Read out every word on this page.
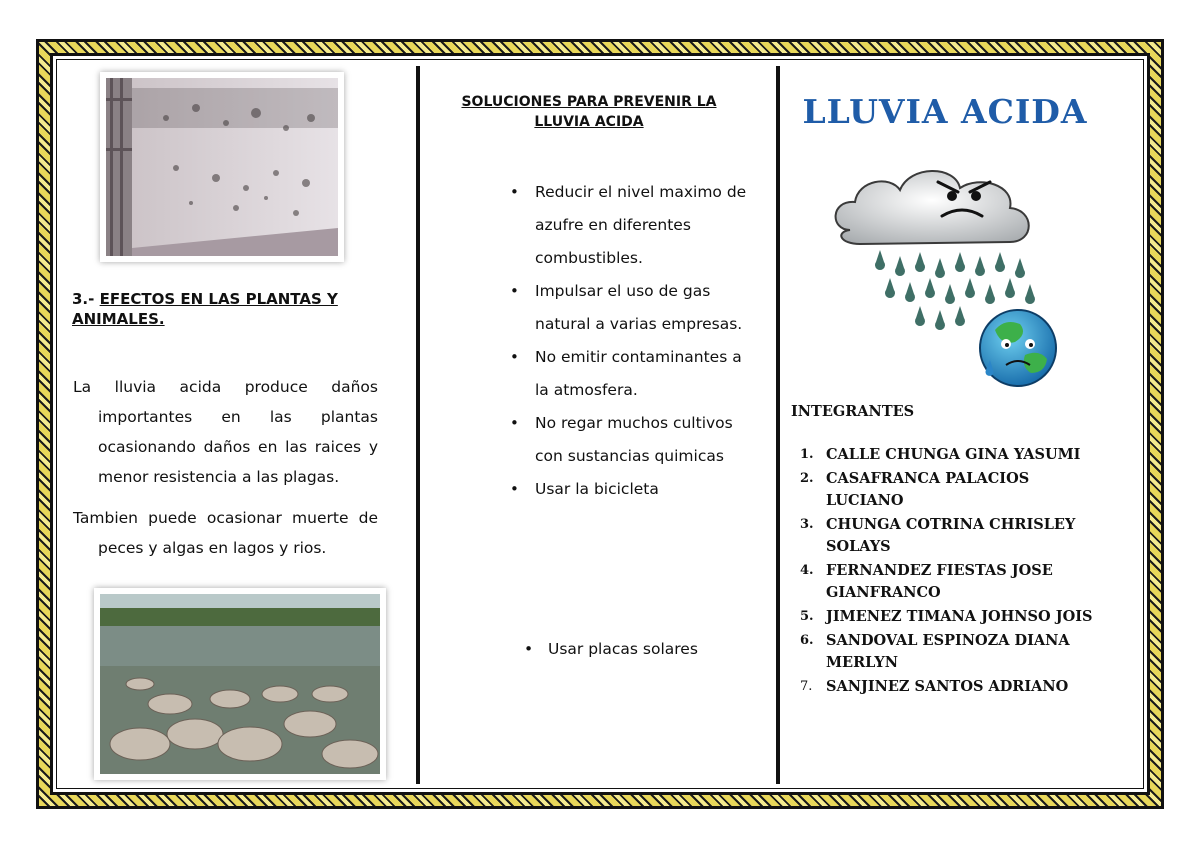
3.- EFECTOS EN LAS PLANTAS Y ANIMALES.
La lluvia acida produce daños importantes en las plantas ocasionando daños en las raices y menor resistencia a las plagas.
Tambien puede ocasionar muerte de peces y algas en lagos y rios.
SOLUCIONES PARA PREVENIR LA LLUVIA ACIDA
• Reducir el nivel maximo de azufre en diferentes combustibles.
• Impulsar el uso de gas natural a varias empresas.
• No emitir contaminantes a la atmosfera.
• No regar muchos cultivos con sustancias quimicas
• Usar la bicicleta
• Usar placas solares
LLUVIA ACIDA
INTEGRANTES
1. CALLE CHUNGA GINA YASUMI
2. CASAFRANCA PALACIOS LUCIANO
3. CHUNGA COTRINA CHRISLEY SOLAYS
4. FERNANDEZ FIESTAS JOSE GIANFRANCO
5. JIMENEZ TIMANA JOHNSO JOIS
6. SANDOVAL ESPINOZA DIANA MERLYN
7. SANJINEZ SANTOS ADRIANO
